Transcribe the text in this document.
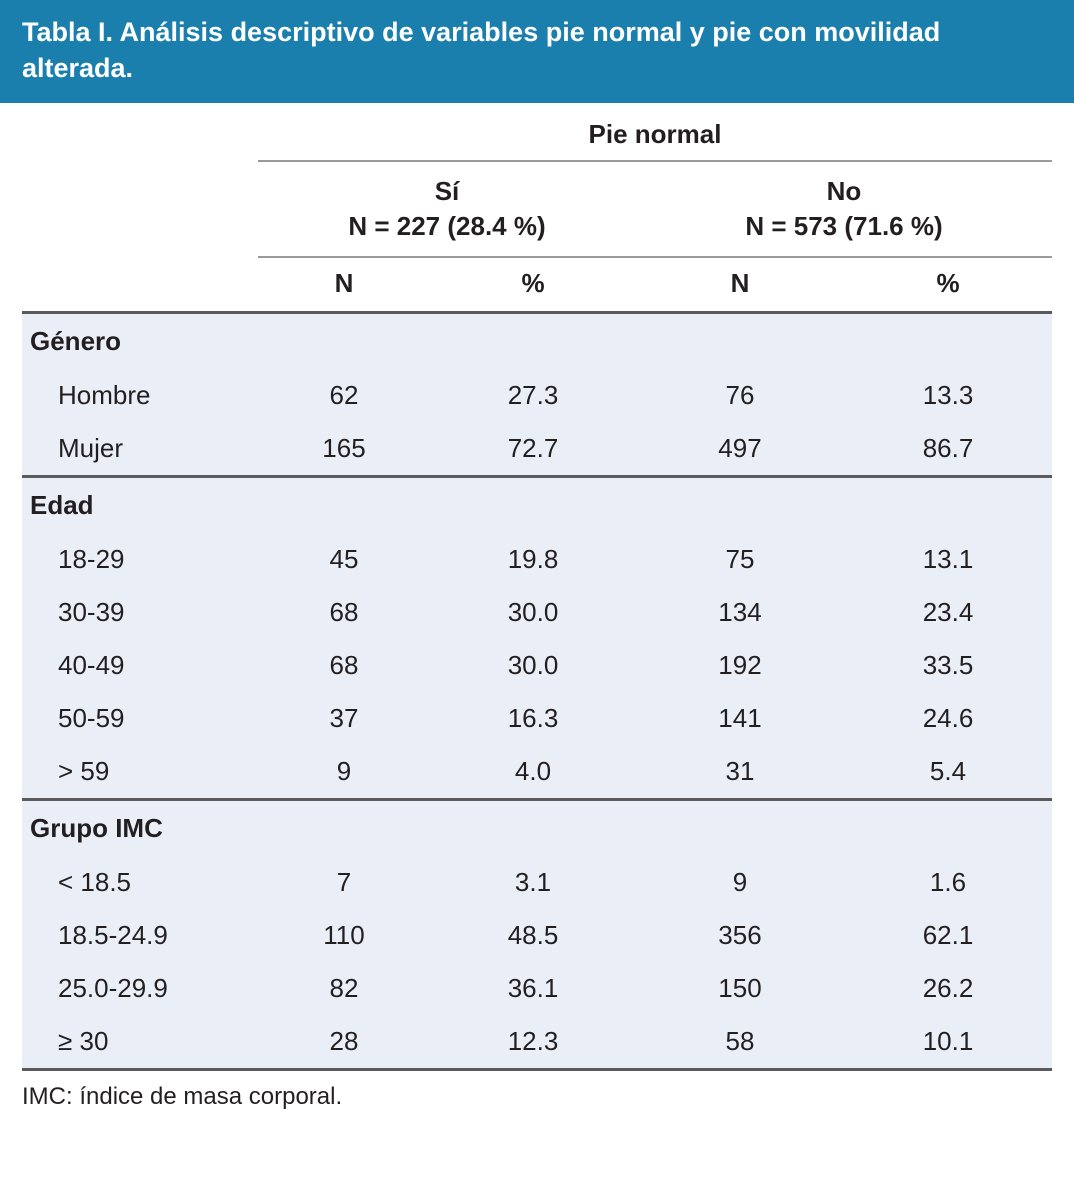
Tabla I. Análisis descriptivo de variables pie normal y pie con movilidad alterada.
	Pie normal			

Sí
N = 227 (28.4 %)

No
N = 573 (71.6 %)

	N	%	N	%
Género				
Hombre	62	27.3	76	13.3
Mujer	165	72.7	497	86.7
Edad				
18-29	45	19.8	75	13.1
30-39	68	30.0	134	23.4
40-49	68	30.0	192	33.5
50-59	37	16.3	141	24.6
> 59	9	4.0	31	5.4
Grupo IMC				
< 18.5	7	3.1	9	1.6
18.5-24.9	110	48.5	356	62.1
25.0-29.9	82	36.1	150	26.2
≥ 30	28	12.3	58	10.1
IMC: índice de masa corporal.
